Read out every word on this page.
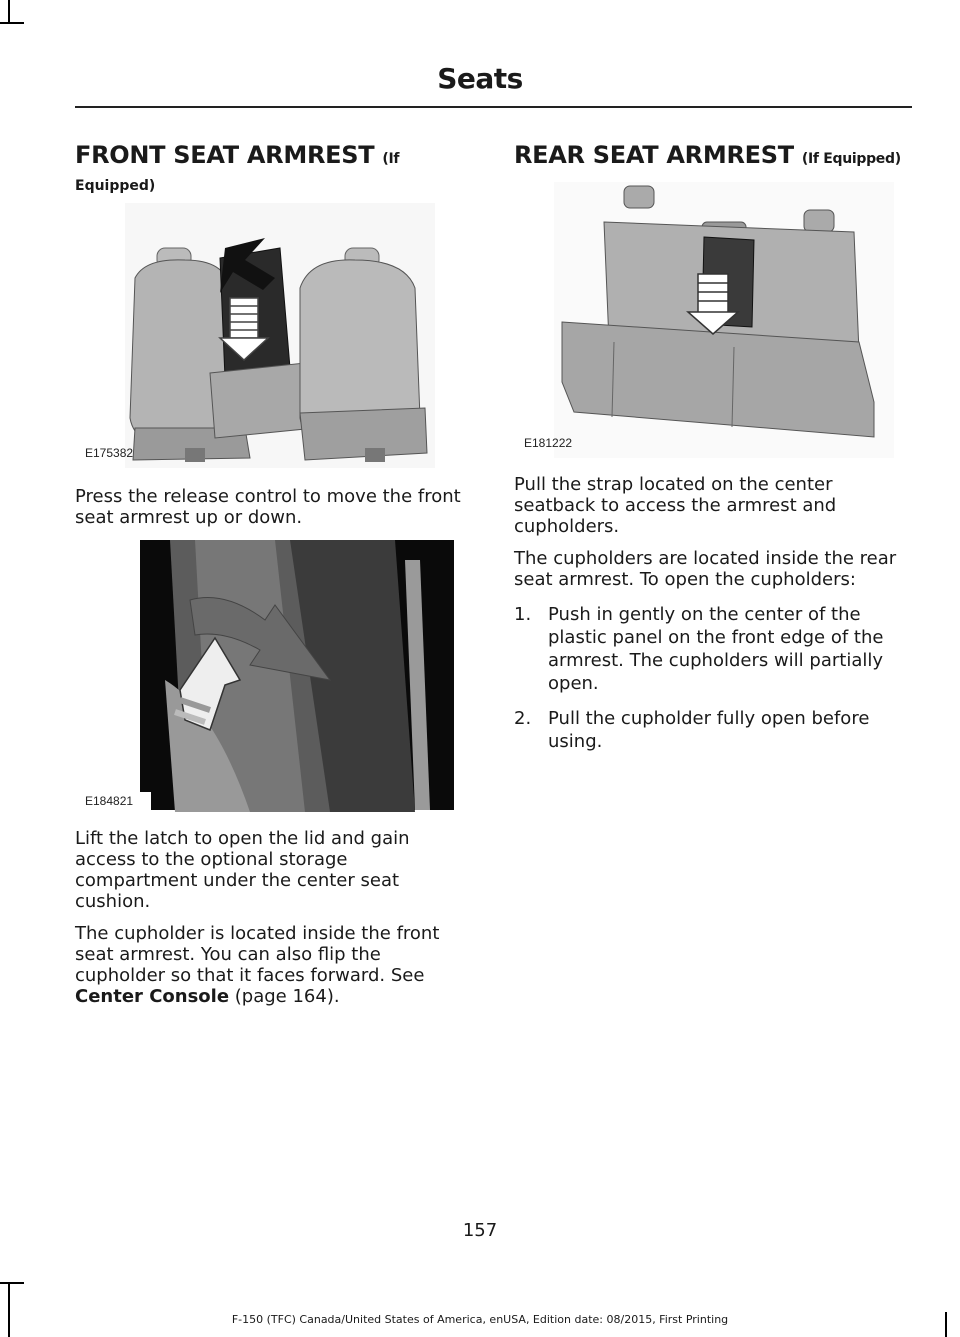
Seats
FRONT SEAT ARMREST (If
Equipped)
E175382

Press the release control to move the front seat armrest up or down.

E184821

Lift the latch to open the lid and gain access to the optional storage compartment under the center seat cushion.

The cupholder is located inside the front seat armrest. You can also flip the cupholder so that it faces forward. See Center Console (page 164).

REAR SEAT ARMREST (If Equipped)
E181222

Pull the strap located on the center seatback to access the armrest and cupholders.

The cupholders are located inside the rear seat armrest. To open the cupholders:

1. Push in gently on the center of the plastic panel on the front edge of the armrest. The cupholders will partially open.
2. Pull the cupholder fully open before using.
157
F-150 (TFC) Canada/United States of America, enUSA, Edition date: 08/2015, First Printing
